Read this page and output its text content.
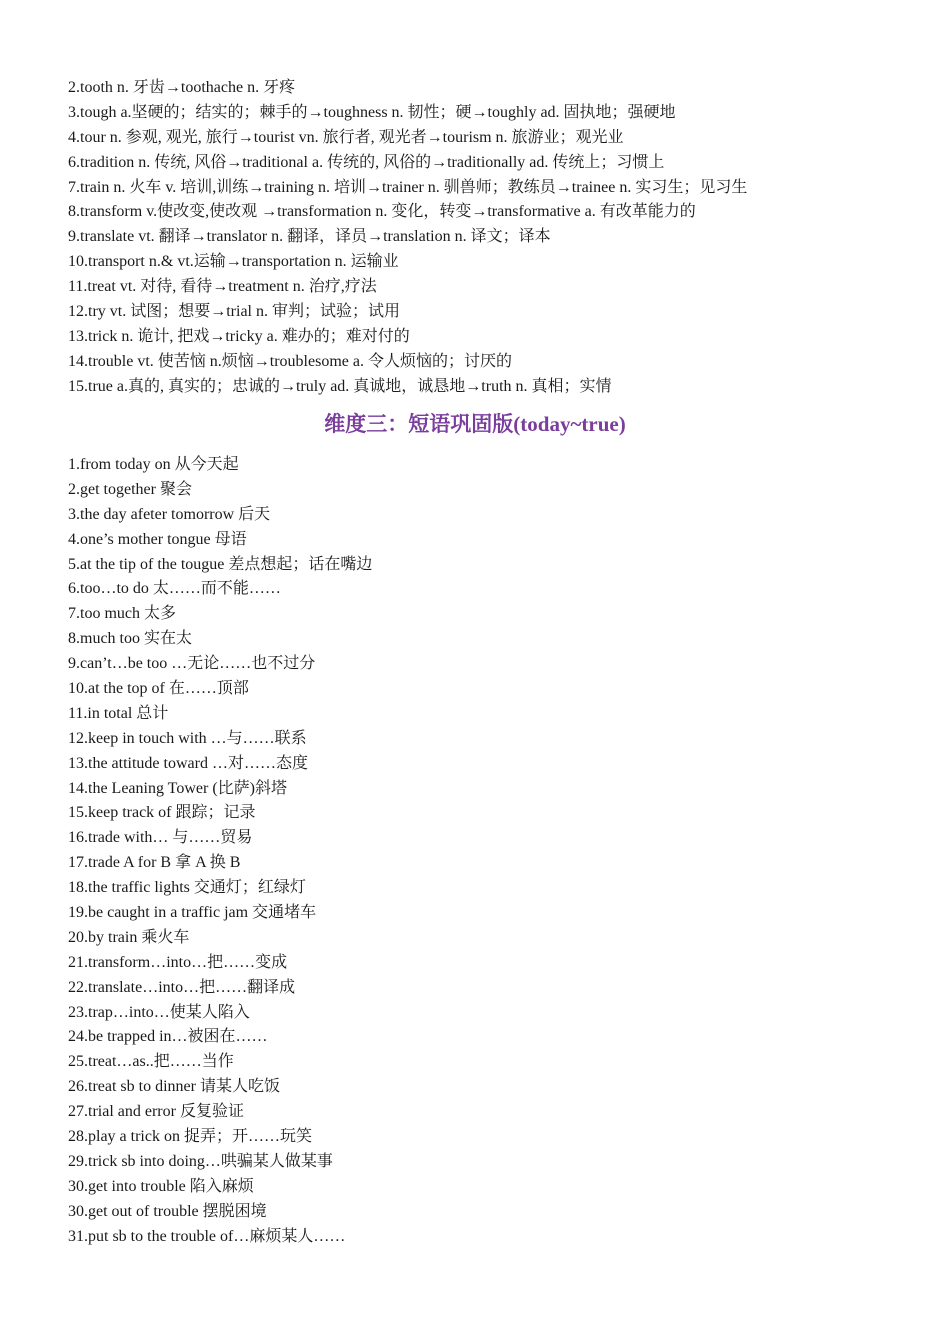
2.tooth n. 牙齿→toothache n. 牙疼
3.tough a.坚硬的；结实的；棘手的→toughness n. 韧性；硬→toughly ad. 固执地；强硬地
4.tour n. 参观, 观光, 旅行→tourist vn. 旅行者, 观光者→tourism n. 旅游业；观光业
6.tradition n. 传统, 风俗→traditional a. 传统的, 风俗的→traditionally ad. 传统上；习惯上
7.train n. 火车 v. 培训,训练→training n. 培训→trainer n. 驯兽师；教练员→trainee n. 实习生；见习生
8.transform v.使改变,使改观 →transformation n. 变化，转变→transformative a. 有改革能力的
9.translate vt. 翻译→translator n. 翻译，译员→translation n. 译文；译本
10.transport n.& vt.运输→transportation n. 运输业
11.treat vt. 对待, 看待→treatment n. 治疗,疗法
12.try vt. 试图；想要→trial n. 审判；试验；试用
13.trick n. 诡计, 把戏→tricky a. 难办的；难对付的
14.trouble vt. 使苦恼 n.烦恼→troublesome a. 令人烦恼的；讨厌的
15.true a.真的, 真实的；忠诚的→truly ad. 真诚地，诚恳地→truth n. 真相；实情
维度三：短语巩固版(today~true)
1.from today on 从今天起
2.get together 聚会
3.the day afeter tomorrow 后天
4.one’s mother tongue 母语
5.at the tip of the tougue 差点想起；话在嘴边
6.too…to do 太……而不能……
7.too much 太多
8.much too 实在太
9.can’t…be too …无论……也不过分
10.at the top of 在……顶部
11.in total 总计
12.keep in touch with …与……联系
13.the attitude toward …对……态度
14.the Leaning Tower (比萨)斜塔
15.keep track of 跟踪；记录
16.trade with… 与……贸易
17.trade A for B 拿 A 换 B
18.the traffic lights 交通灯；红绿灯
19.be caught in a traffic jam 交通堵车
20.by train 乘火车
21.transform…into…把……变成
22.translate…into…把……翻译成
23.trap…into…使某人陷入
24.be trapped in…被困在……
25.treat…as..把……当作
26.treat sb to dinner 请某人吃饭
27.trial and error 反复验证
28.play a trick on 捉弄；开……玩笑
29.trick sb into doing…哄骗某人做某事
30.get into trouble 陷入麻烦
30.get out of trouble 摆脱困境
31.put sb to the trouble of…麻烦某人……
